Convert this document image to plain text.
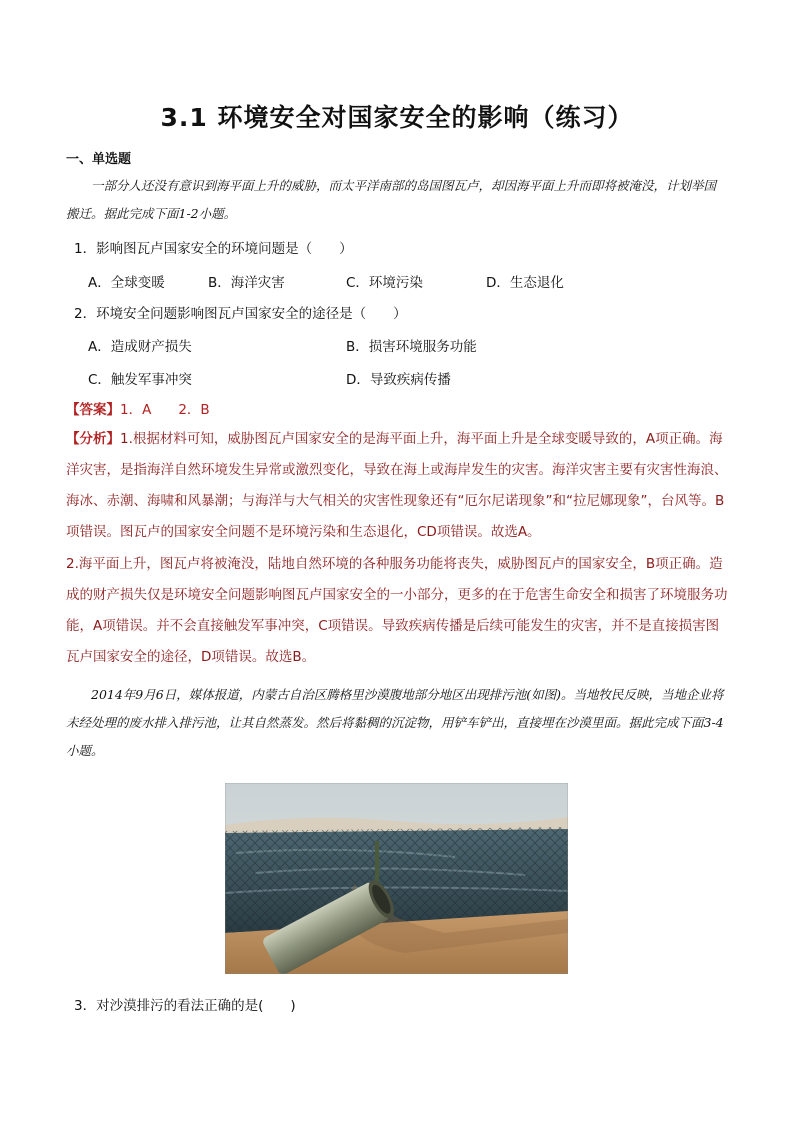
3.1 环境安全对国家安全的影响（练习）
一、单选题
一部分人还没有意识到海平面上升的威胁，而太平洋南部的岛国图瓦卢，却因海平面上升而即将被淹没，计划举国搬迁。据此完成下面1-2小题。
1．影响图瓦卢国家安全的环境问题是（　　）
A．全球变暖	B．海洋灾害	C．环境污染	D．生态退化
2．环境安全问题影响图瓦卢国家安全的途径是（　　）
A．造成财产损失	B．损害环境服务功能
C．触发军事冲突	D．导致疾病传播
【答案】1．A　　2．B
【分析】1.根据材料可知，威胁图瓦卢国家安全的是海平面上升，海平面上升是全球变暖导致的，A项正确。海洋灾害，是指海洋自然环境发生异常或激烈变化，导致在海上或海岸发生的灾害。海洋灾害主要有灾害性海浪、海冰、赤潮、海啸和风暴潮；与海洋与大气相关的灾害性现象还有“厄尔尼诺现象”和“拉尼娜现象”，台风等。B项错误。图瓦卢的国家安全问题不是环境污染和生态退化，CD项错误。故选A。
2.海平面上升，图瓦卢将被淹没，陆地自然环境的各种服务功能将丧失，威胁图瓦卢的国家安全，B项正确。造成的财产损失仅是环境安全问题影响图瓦卢国家安全的一小部分，更多的在于危害生命安全和损害了环境服务功能，A项错误。并不会直接触发军事冲突，C项错误。导致疾病传播是后续可能发生的灾害，并不是直接损害图瓦卢国家安全的途径，D项错误。故选B。
2014年9月6日，媒体报道，内蒙古自治区腾格里沙漠腹地部分地区出现排污池(如图)。当地牧民反映，当地企业将未经处理的废水排入排污池，让其自然蒸发。然后将黏稠的沉淀物，用铲车铲出，直接埋在沙漠里面。据此完成下面3-4小题。
3．对沙漠排污的看法正确的是(　　)
